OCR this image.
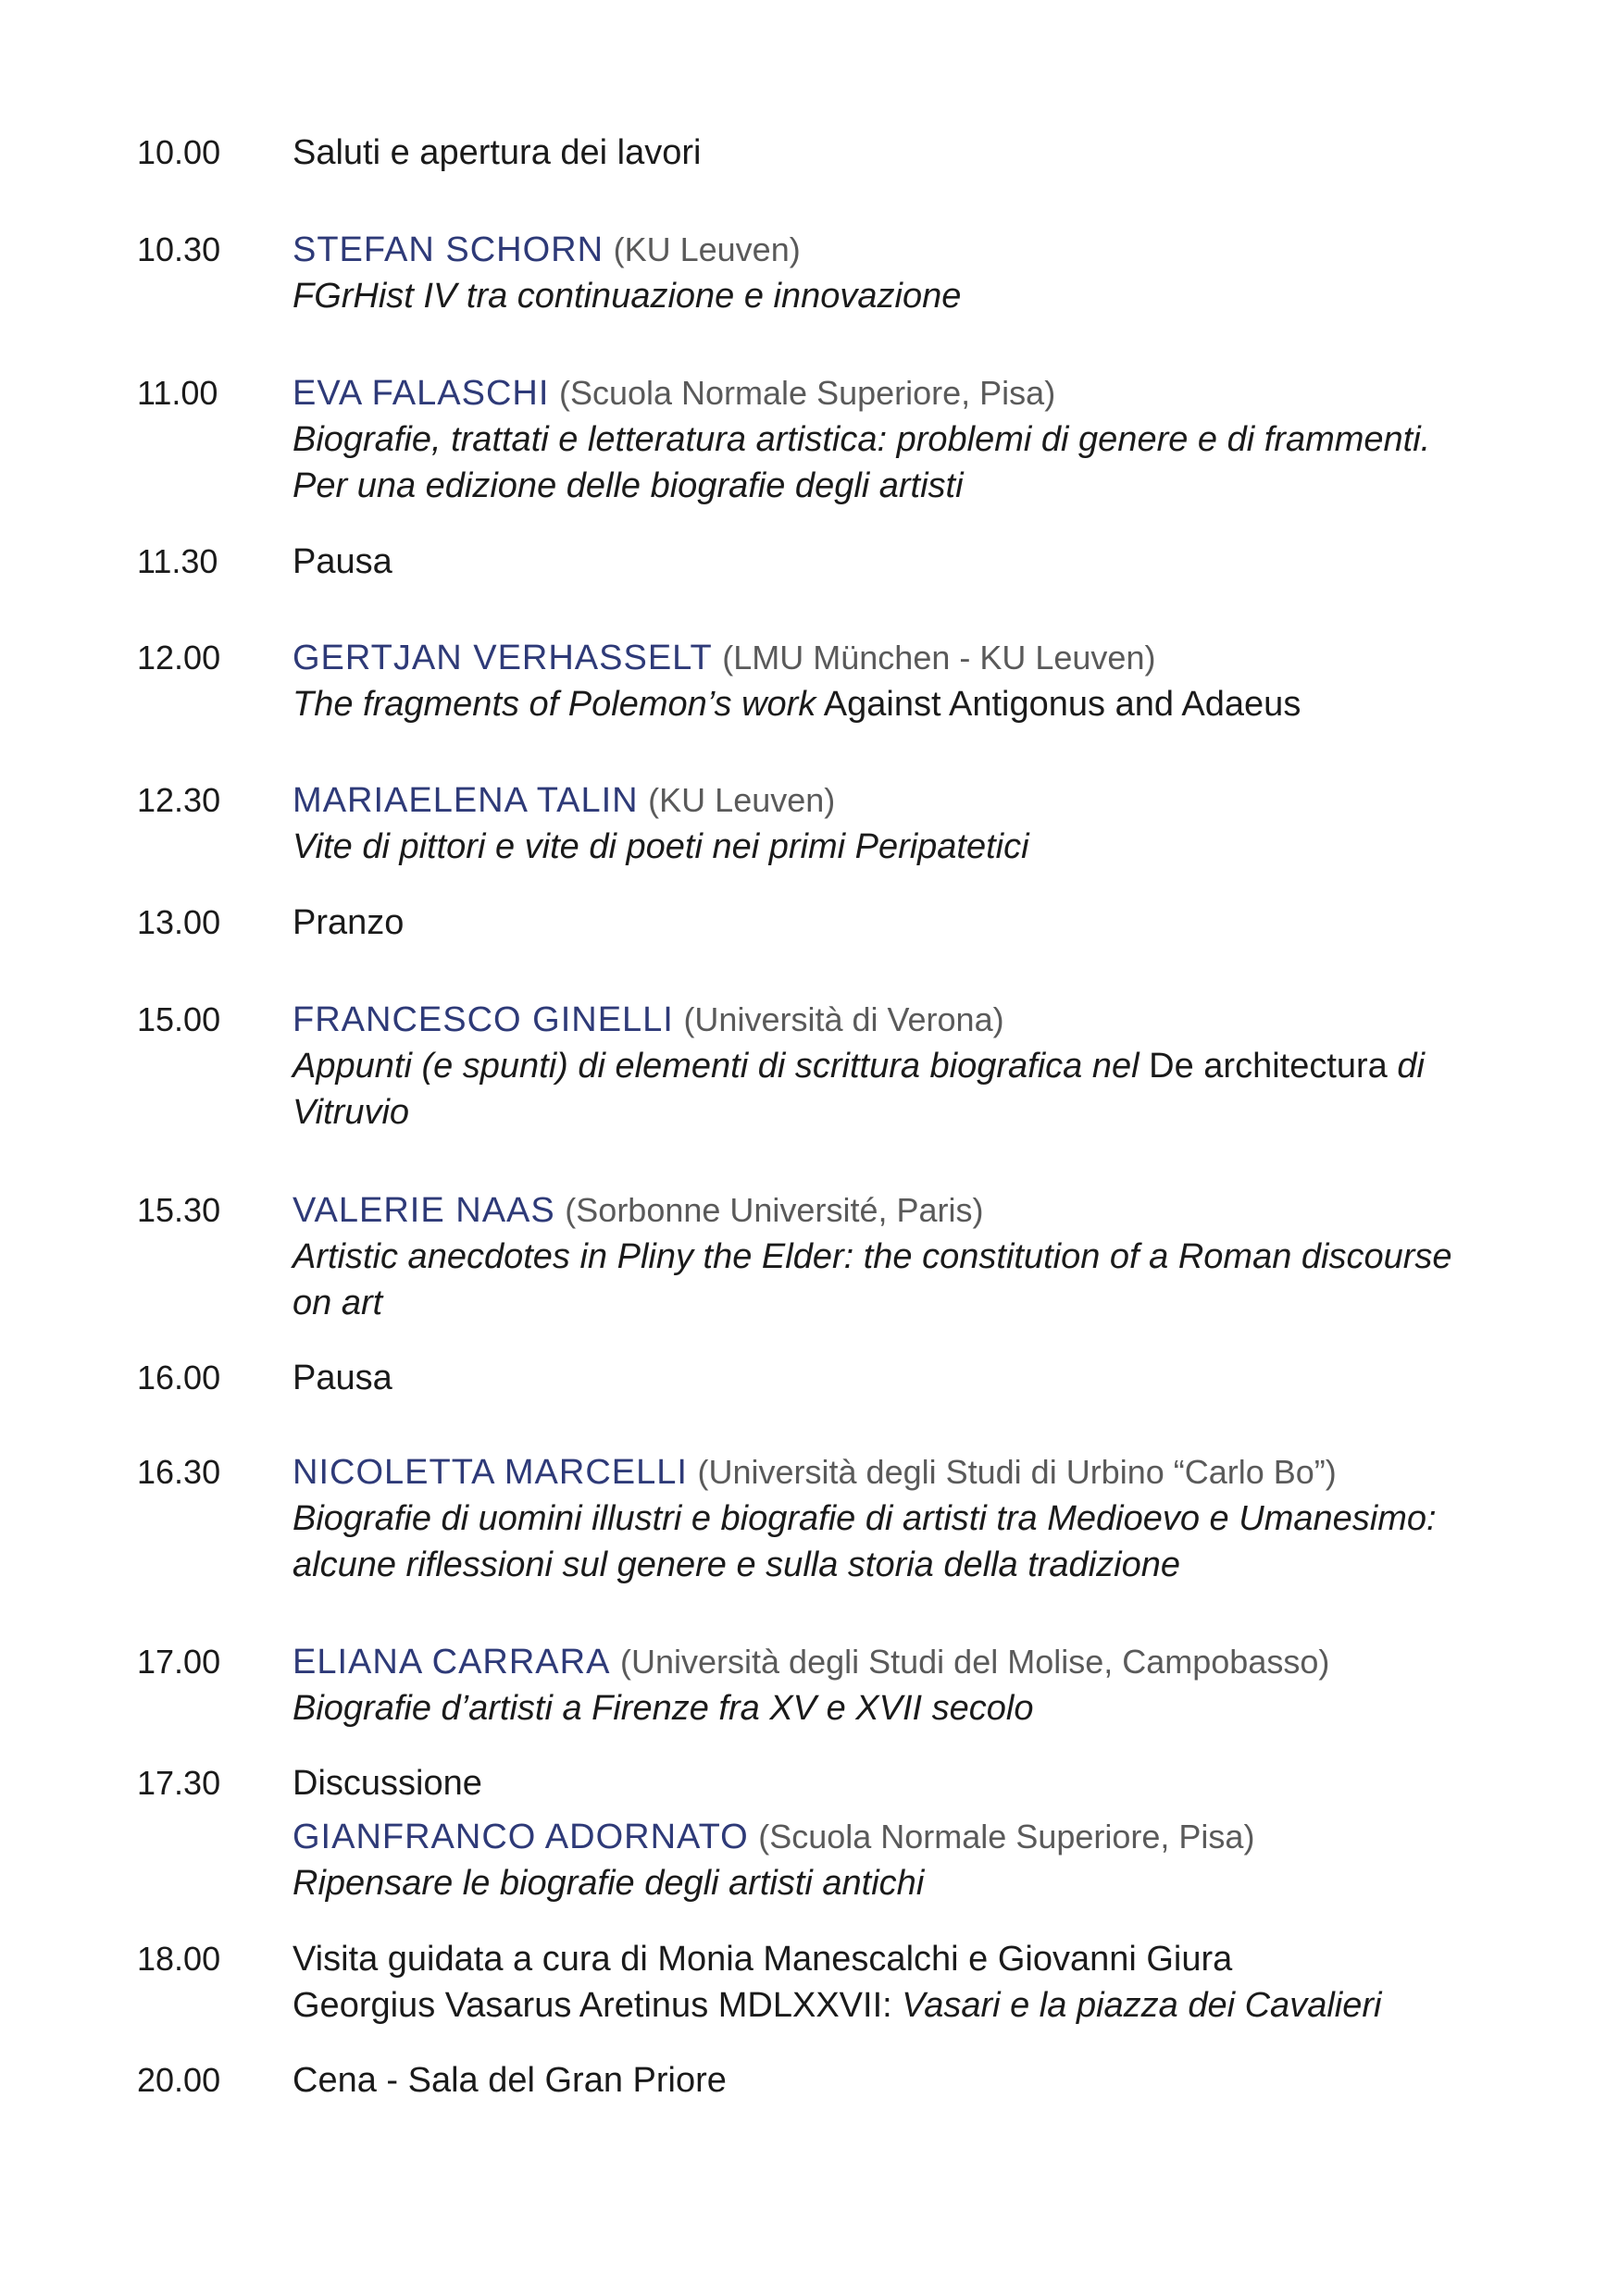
10.00	Saluti e apertura dei lavori
10.30	STEFAN SCHORN (KU Leuven)
FGrHist IV tra continuazione e innovazione
11.00	EVA FALASCHI (Scuola Normale Superiore, Pisa)
Biografie, trattati e letteratura artistica: problemi di genere e di frammenti.
Per una edizione delle biografie degli artisti
11.30	Pausa
12.00	GERTJAN VERHASSELT (LMU München - KU Leuven)
The fragments of Polemon’s work Against Antigonus and Adaeus
12.30	MARIAELENA TALIN (KU Leuven)
Vite di pittori e vite di poeti nei primi Peripatetici
13.00	Pranzo
15.00	FRANCESCO GINELLI (Università di Verona)
Appunti (e spunti) di elementi di scrittura biografica nel De architectura di
Vitruvio
15.30	VALERIE NAAS (Sorbonne Université, Paris)
Artistic anecdotes in Pliny the Elder: the constitution of a Roman discourse
on art
16.00	Pausa
16.30	NICOLETTA MARCELLI (Università degli Studi di Urbino “Carlo Bo”)
Biografie di uomini illustri e biografie di artisti tra Medioevo e Umanesimo:
alcune riflessioni sul genere e sulla storia della tradizione
17.00	ELIANA CARRARA (Università degli Studi del Molise, Campobasso)
Biografie d’artisti a Firenze fra XV e XVII secolo
17.30	Discussione
GIANFRANCO ADORNATO (Scuola Normale Superiore, Pisa)
Ripensare le biografie degli artisti antichi
18.00	Visita guidata a cura di Monia Manescalchi e Giovanni Giura
Georgius Vasarus Aretinus MDLXXVII: Vasari e la piazza dei Cavalieri
20.00	Cena - Sala del Gran Priore
